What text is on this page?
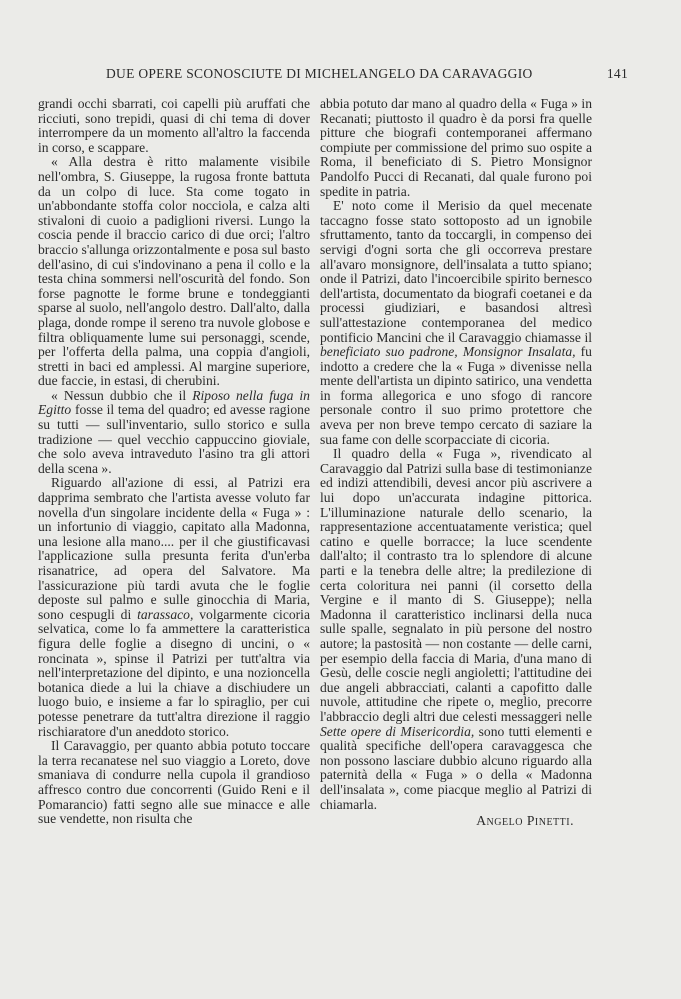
DUE OPERE SCONOSCIUTE DI MICHELANGELO DA CARAVAGGIO	141

grandi occhi sbarrati, coi capelli più aruffati che ricciuti, sono trepidi, quasi di chi tema di dover interrompere da un momento all'altro la faccenda in corso, e scappare.

« Alla destra è ritto malamente visibile nell'ombra, S. Giuseppe, la rugosa fronte battuta da un colpo di luce. Sta come togato in un'abbondante stoffa color nocciola, e calza alti stivaloni di cuoio a padiglioni riversi. Lungo la coscia pende il braccio carico di due orci; l'altro braccio s'allunga orizzontalmente e posa sul basto dell'asino, di cui s'indovinano a pena il collo e la testa china sommersi nell'oscurità del fondo. Son forse pagnotte le forme brune e tondeggianti sparse al suolo, nell'angolo destro. Dall'alto, dalla plaga, donde rompe il sereno tra nuvole globose e filtra obliquamente lume sui personaggi, scende, per l'offerta della palma, una coppia d'angioli, stretti in baci ed amplessi. Al margine superiore, due faccie, in estasi, di cherubini.

« Nessun dubbio che il Riposo nella fuga in Egitto fosse il tema del quadro; ed avesse ragione su tutti — sull'inventario, sullo storico e sulla tradizione — quel vecchio cappuccino gioviale, che solo aveva intraveduto l'asino tra gli attori della scena ».

Riguardo all'azione di essi, al Patrizi era dapprima sembrato che l'artista avesse voluto far novella d'un singolare incidente della « Fuga » : un infortunio di viaggio, capitato alla Madonna, una lesione alla mano.... per il che giustificavasi l'applicazione sulla presunta ferita d'un'erba risanatrice, ad opera del Salvatore. Ma l'assicurazione più tardi avuta che le foglie deposte sul palmo e sulle ginocchia di Maria, sono cespugli di tarassaco, volgarmente cicoria selvatica, come lo fa ammettere la caratteristica figura delle foglie a disegno di uncini, o « roncinata », spinse il Patrizi per tutt'altra via nell'interpretazione del dipinto, e una nozioncella botanica diede a lui la chiave a dischiudere un luogo buio, e insieme a far lo spiraglio, per cui potesse penetrare da tutt'altra direzione il raggio rischiaratore d'un aneddoto storico.

Il Caravaggio, per quanto abbia potuto toccare la terra recanatese nel suo viaggio a Loreto, dove smaniava di condurre nella cupola il grandioso affresco contro due concorrenti (Guido Reni e il Pomarancio) fatti segno alle sue minacce e alle sue vendette, non risulta che

abbia potuto dar mano al quadro della « Fuga » in Recanati; piuttosto il quadro è da porsi fra quelle pitture che biografi contemporanei affermano compiute per commissione del primo suo ospite a Roma, il beneficiato di S. Pietro Monsignor Pandolfo Pucci di Recanati, dal quale furono poi spedite in patria.

E' noto come il Merisio da quel mecenate taccagno fosse stato sottoposto ad un ignobile sfruttamento, tanto da toccargli, in compenso dei servigi d'ogni sorta che gli occorreva prestare all'avaro monsignore, dell'insalata a tutto spiano; onde il Patrizi, dato l'incoercibile spirito bernesco dell'artista, documentato da biografi coetanei e da processi giudiziari, e basandosi altresì sull'attestazione contemporanea del medico pontificio Mancini che il Caravaggio chiamasse il beneficiato suo padrone, Monsignor Insalata, fu indotto a credere che la « Fuga » divenisse nella mente dell'artista un dipinto satirico, una vendetta in forma allegorica e uno sfogo di rancore personale contro il suo primo protettore che aveva per non breve tempo cercato di saziare la sua fame con delle scorpacciate di cicoria.

Il quadro della « Fuga », rivendicato al Caravaggio dal Patrizi sulla base di testimonianze ed indizi attendibili, devesi ancor più ascrivere a lui dopo un'accurata indagine pittorica. L'illuminazione naturale dello scenario, la rappresentazione accentuatamente veristica; quel catino e quelle borracce; la luce scendente dall'alto; il contrasto tra lo splendore di alcune parti e la tenebra delle altre; la predilezione di certa coloritura nei panni (il corsetto della Vergine e il manto di S. Giuseppe); nella Madonna il caratteristico inclinarsi della nuca sulle spalle, segnalato in più persone del nostro autore; la pastosità — non costante — delle carni, per esempio della faccia di Maria, d'una mano di Gesù, delle coscie negli angioletti; l'attitudine dei due angeli abbracciati, calanti a capofitto dalle nuvole, attitudine che ripete o, meglio, precorre l'abbraccio degli altri due celesti messaggeri nelle Sette opere di Misericordia, sono tutti elementi e qualità specifiche dell'opera caravaggesca che non possono lasciare dubbio alcuno riguardo alla paternità della « Fuga » o della « Madonna dell'insalata », come piacque meglio al Patrizi di chiamarla.

Angelo Pinetti.
